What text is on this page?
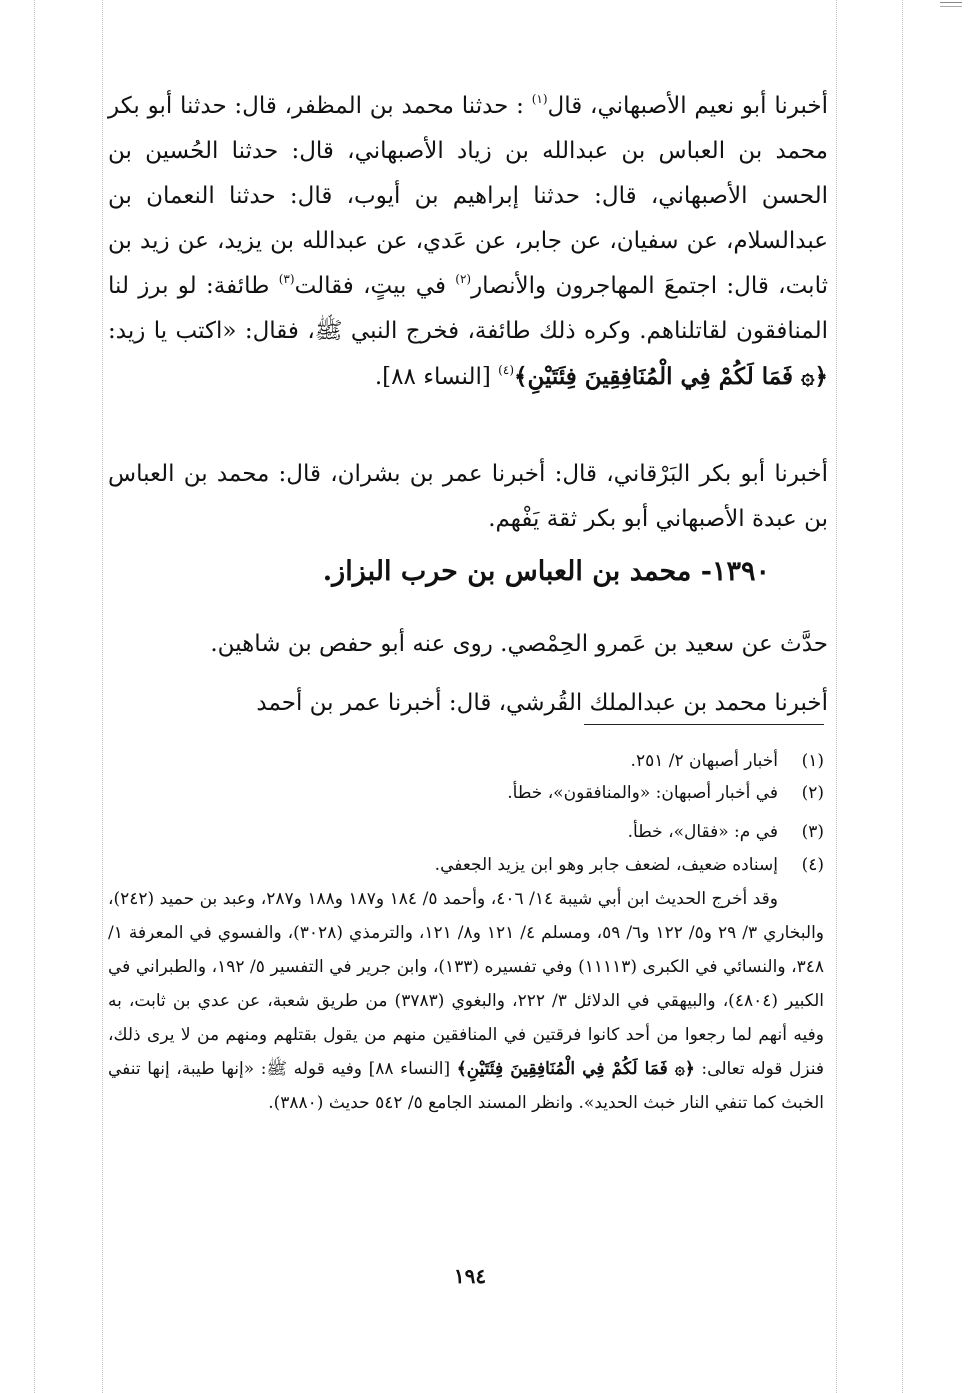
أخبرنا أبو نعيم الأصبهاني، قال$^{(١)}$ : حدثنا محمد بن المظفر، قال: حدثنا أبو بكر محمد بن العباس بن عبدالله بن زياد الأصبهاني، قال: حدثنا الحُسين بن الحسن الأصبهاني، قال: حدثنا إبراهيم بن أيوب، قال: حدثنا النعمان بن عبدالسلام، عن سفيان، عن جابر، عن عَدي، عن عبدالله بن يزيد، عن زيد بن ثابت، قال: اجتمعَ المهاجرون والأنصار$^{(٢)}$ في بيتٍ، فقالت$^{(٣)}$ طائفة: لو برز لنا المنافقون لقاتلناهم. وكره ذلك طائفة، فخرج النبي ﷺ، فقال: «اكتب يا زيد: ﴿۞ فَمَا لَكُمْ فِي الْمُنَافِقِينَ فِئَتَيْنِ﴾$^{(٤)}$ [النساء ٨٨].
أخبرنا أبو بكر البَرْقاني، قال: أخبرنا عمر بن بشران، قال: محمد بن العباس بن عبدة الأصبهاني أبو بكر ثقة يَفْهم.
١٣٩٠- محمد بن العباس بن حرب البزاز.
حدَّث عن سعيد بن عَمرو الحِمْصي. روى عنه أبو حفص بن شاهين.
أخبرنا محمد بن عبدالملك القُرشي، قال: أخبرنا عمر بن أحمد
(١)أخبار أصبهان ٢/ ٢٥١.
(٢)في أخبار أصبهان: «والمنافقون»، خطأ.
(٣)في م: «فقال»، خطأ.
(٤)إسناده ضعيف، لضعف جابر وهو ابن يزيد الجعفي.
وقد أخرج الحديث ابن أبي شيبة ١٤/ ٤٠٦، وأحمد ٥/ ١٨٤ و١٨٧ و١٨٨ و٢٨٧، وعبد بن حميد (٢٤٢)، والبخاري ٣/ ٢٩ و٥/ ١٢٢ و٦/ ٥٩، ومسلم ٤/ ١٢١ و٨/ ١٢١، والترمذي (٣٠٢٨)، والفسوي في المعرفة ١/ ٣٤٨، والنسائي في الكبرى (١١١١٣) وفي تفسيره (١٣٣)، وابن جرير في التفسير ٥/ ١٩٢، والطبراني في الكبير (٤٨٠٤)، والبيهقي في الدلائل ٣/ ٢٢٢، والبغوي (٣٧٨٣) من طريق شعبة، عن عدي بن ثابت، به وفيه أنهم لما رجعوا من أحد كانوا فرقتين في المنافقين منهم من يقول بقتلهم ومنهم من لا يرى ذلك، فنزل قوله تعالى: ﴿۞ فَمَا لَكُمْ فِي الْمُنَافِقِينَ فِئَتَيْنِ﴾ [النساء ٨٨] وفيه قوله ﷺ: «إنها طيبة، إنها تنفي الخبث كما تنفي النار خبث الحديد». وانظر المسند الجامع ٥/ ٥٤٢ حديث (٣٨٨٠).
١٩٤
